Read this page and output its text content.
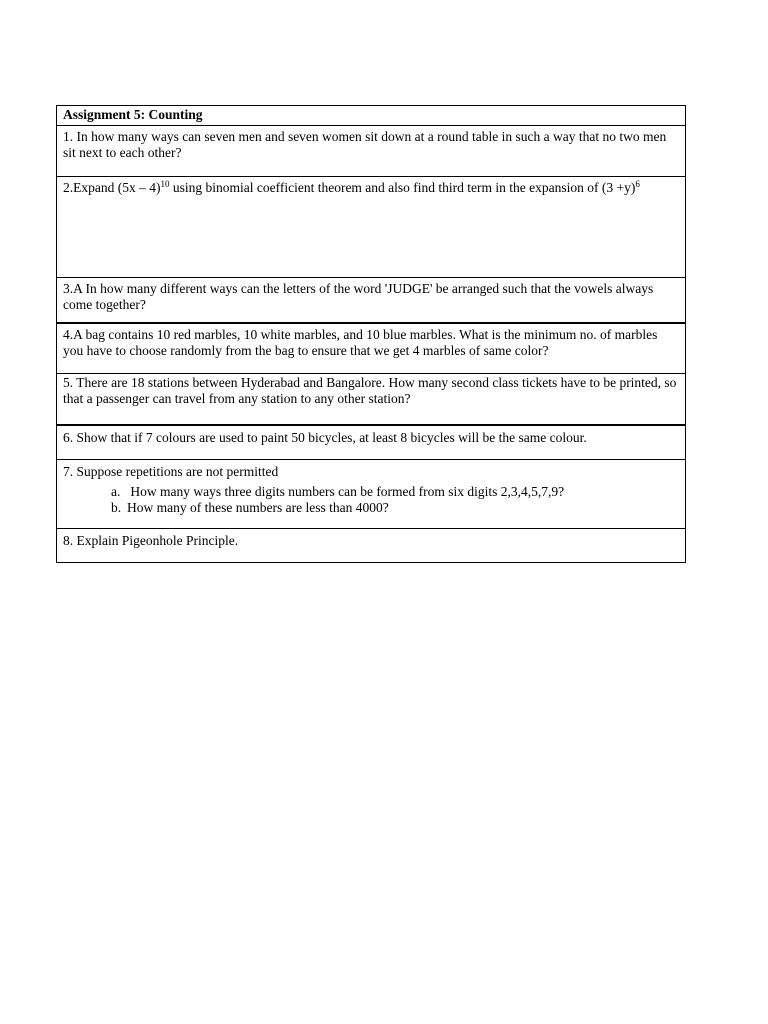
Assignment 5: Counting
1. In how many ways can seven men and seven women sit down at a round table in such a way that no two men sit next to each other?
2.Expand (5x – 4)$^{10}$ using binomial coefficient theorem and also find third term in the expansion of $(3 +y)^6$
3.A In how many different ways can the letters of the word 'JUDGE' be arranged such that the vowels always come together?
4.A bag contains 10 red marbles, 10 white marbles, and 10 blue marbles. What is the minimum no. of marbles you have to choose randomly from the bag to ensure that we get 4 marbles of same color?
5. There are 18 stations between Hyderabad and Bangalore. How many second class tickets have to be printed, so that a passenger can travel from any station to any other station?
6. Show that if 7 colours are used to paint 50 bicycles, at least 8 bicycles will be the same colour.
7. Suppose repetitions are not permitted
a. How many ways three digits numbers can be formed from six digits 2,3,4,5,7,9?
b. How many of these numbers are less than 4000?
8. Explain Pigeonhole Principle.
